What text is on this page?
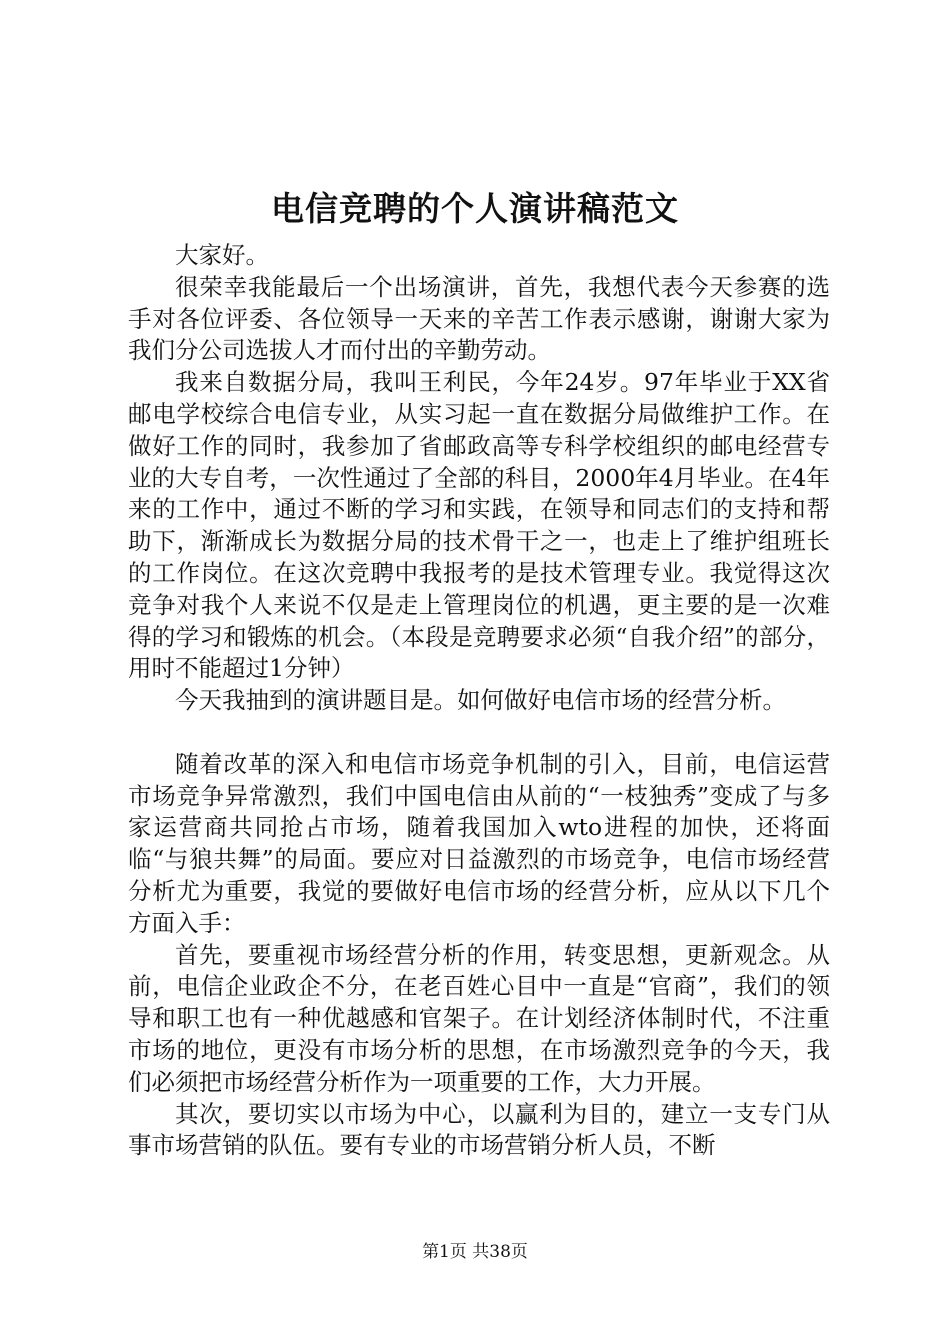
电信竞聘的个人演讲稿范文

大家好。

很荣幸我能最后一个出场演讲，首先，我想代表今天参赛的选手对各位评委、各位领导一天来的辛苦工作表示感谢，谢谢大家为我们分公司选拔人才而付出的辛勤劳动。

我来自数据分局，我叫王利民，今年24岁。97年毕业于XX省邮电学校综合电信专业，从实习起一直在数据分局做维护工作。在做好工作的同时，我参加了省邮政高等专科学校组织的邮电经营专业的大专自考，一次性通过了全部的科目，2000年4月毕业。在4年来的工作中，通过不断的学习和实践，在领导和同志们的支持和帮助下，渐渐成长为数据分局的技术骨干之一，也走上了维护组班长的工作岗位。在这次竞聘中我报考的是技术管理专业。我觉得这次竞争对我个人来说不仅是走上管理岗位的机遇，更主要的是一次难得的学习和锻炼的机会。（本段是竞聘要求必须“自我介绍”的部分，用时不能超过1分钟）

今天我抽到的演讲题目是。如何做好电信市场的经营分析。

随着改革的深入和电信市场竞争机制的引入，目前，电信运营市场竞争异常激烈，我们中国电信由从前的“一枝独秀”变成了与多家运营商共同抢占市场，随着我国加入wto进程的加快，还将面临“与狼共舞”的局面。要应对日益激烈的市场竞争，电信市场经营分析尤为重要，我觉的要做好电信市场的经营分析，应从以下几个方面入手：

首先，要重视市场经营分析的作用，转变思想，更新观念。从前，电信企业政企不分，在老百姓心目中一直是“官商”，我们的领导和职工也有一种优越感和官架子。在计划经济体制时代，不注重市场的地位，更没有市场分析的思想，在市场激烈竞争的今天，我们必须把市场经营分析作为一项重要的工作，大力开展。

其次，要切实以市场为中心，以赢利为目的，建立一支专门从事市场营销的队伍。要有专业的市场营销分析人员，不断

第1页 共38页
